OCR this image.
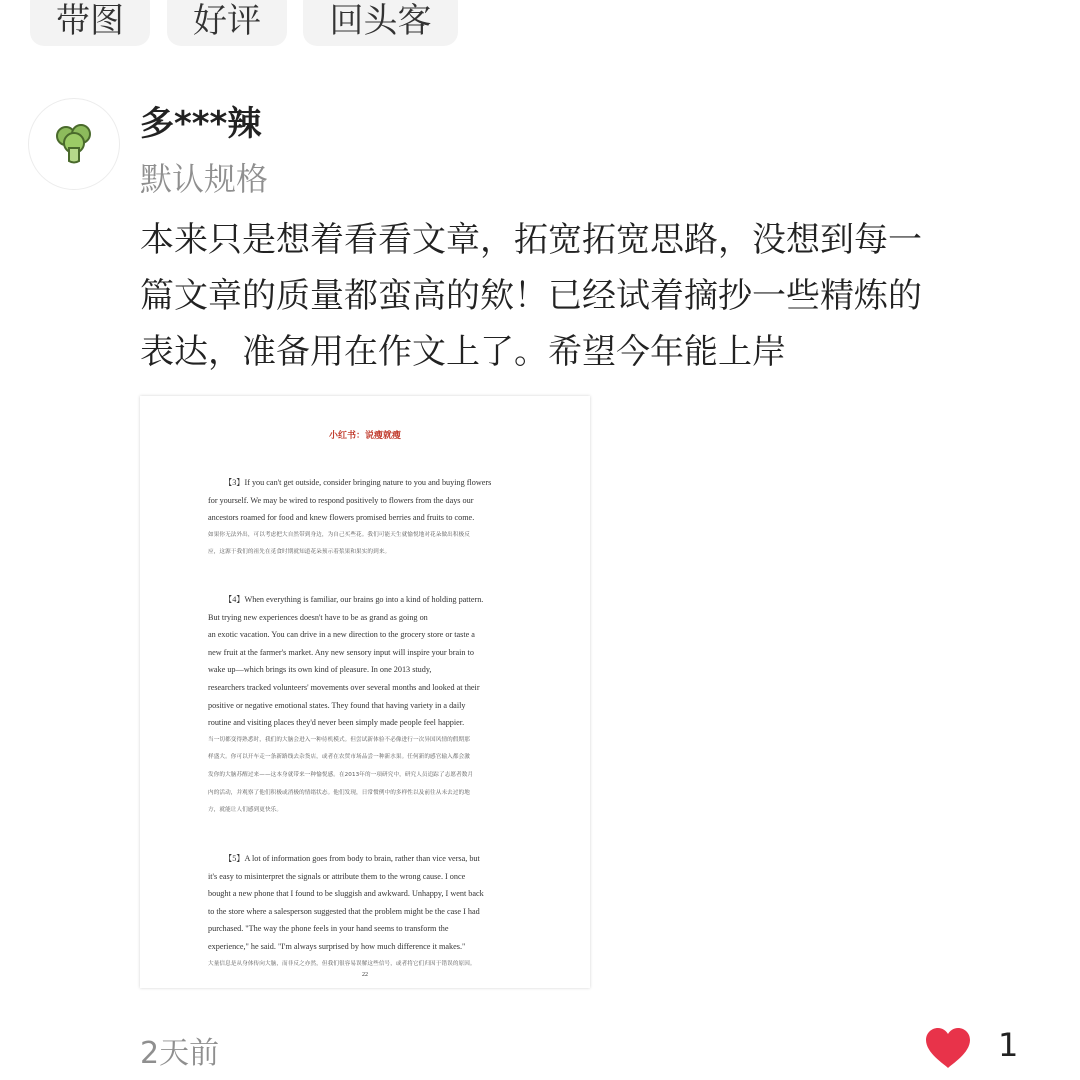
带图	好评	回头客
多***辣
默认规格
本来只是想着看看文章，拓宽拓宽思路，没想到每一
篇文章的质量都蛮高的欸！已经试着摘抄一些精炼的
表达，准备用在作文上了。希望今年能上岸
小红书：说瘦就瘦
【3】If you can't get outside, consider bringing nature to you and buying flowers
for yourself. We may be wired to respond positively to flowers from the days our
ancestors roamed for food and knew flowers promised berries and fruits to come.
如果你无法外出，可以考虑把大自然带到身边，为自己买些花。我们可能天生就愉悦地对花朵做出积极反
应，这源于我们的祖先在觅食时期就知道花朵预示着浆果和果实的到来。
【4】When everything is familiar, our brains go into a kind of holding pattern.
But trying new experiences doesn't have to be as grand as going on
an exotic vacation. You can drive in a new direction to the grocery store or taste a
new fruit at the farmer's market. Any new sensory input will inspire your brain to
wake up—which brings its own kind of pleasure. In one 2013 study,
researchers tracked volunteers' movements over several months and looked at their
positive or negative emotional states. They found that having variety in a daily
routine and visiting places they'd never been simply made people feel happier.
当一切都变得熟悉时，我们的大脑会进入一种待机模式。但尝试新体验不必像进行一次异国风情的假期那
样盛大。你可以开车走一条新路线去杂货店，或者在农贸市场品尝一种新水果。任何新的感官输入都会激
发你的大脑苏醒过来——这本身就带来一种愉悦感。在2013年的一项研究中，研究人员追踪了志愿者数月
内的活动，并观察了他们积极或消极的情绪状态。他们发现，日常惯例中的多样性以及前往从未去过的地
方，就能让人们感到更快乐。
【5】A lot of information goes from body to brain, rather than vice versa, but
it's easy to misinterpret the signals or attribute them to the wrong cause. I once
bought a new phone that I found to be sluggish and awkward. Unhappy, I went back
to the store where a salesperson suggested that the problem might be the case I had
purchased. "The way the phone feels in your hand seems to transform the
experience," he said. "I'm always surprised by how much difference it makes."
大量信息是从身体传向大脑，而非反之亦然，但我们很容易误解这些信号，或者将它们归因于错误的原因。
22
2天前	1
